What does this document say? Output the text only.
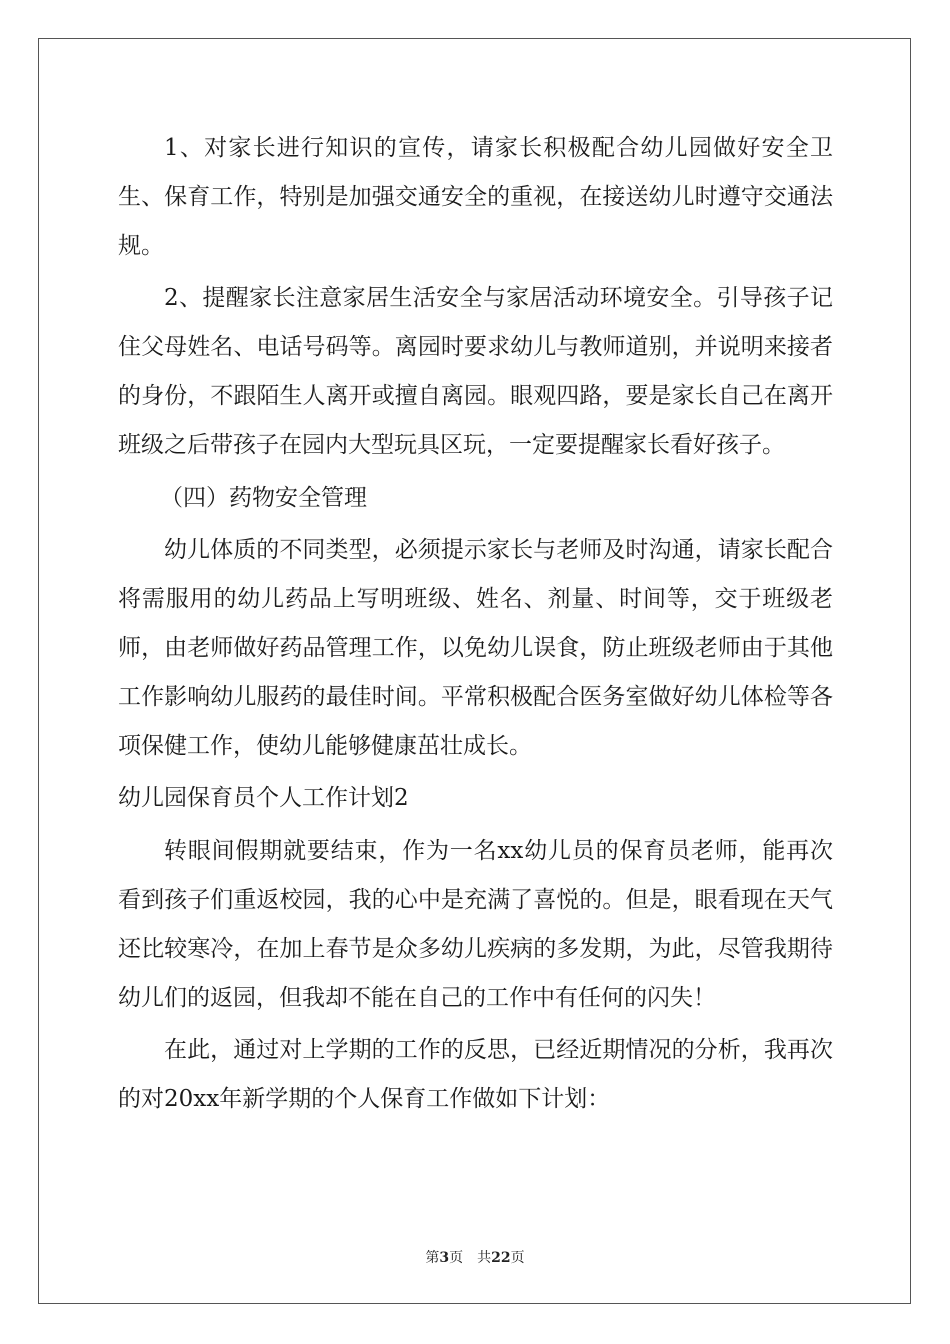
1、对家长进行知识的宣传，请家长积极配合幼儿园做好安全卫生、保育工作，特别是加强交通安全的重视，在接送幼儿时遵守交通法规。

2、提醒家长注意家居生活安全与家居活动环境安全。引导孩子记住父母姓名、电话号码等。离园时要求幼儿与教师道别，并说明来接者的身份，不跟陌生人离开或擅自离园。眼观四路，要是家长自己在离开班级之后带孩子在园内大型玩具区玩，一定要提醒家长看好孩子。

（四）药物安全管理

幼儿体质的不同类型，必须提示家长与老师及时沟通，请家长配合将需服用的幼儿药品上写明班级、姓名、剂量、时间等，交于班级老师，由老师做好药品管理工作，以免幼儿误食，防止班级老师由于其他工作影响幼儿服药的最佳时间。平常积极配合医务室做好幼儿体检等各项保健工作，使幼儿能够健康茁壮成长。

幼儿园保育员个人工作计划2

转眼间假期就要结束，作为一名xx幼儿员的保育员老师，能再次看到孩子们重返校园，我的心中是充满了喜悦的。但是，眼看现在天气还比较寒冷，在加上春节是众多幼儿疾病的多发期，为此，尽管我期待幼儿们的返园，但我却不能在自己的工作中有任何的闪失！

在此，通过对上学期的工作的反思，已经近期情况的分析，我再次的对20xx年新学期的个人保育工作做如下计划：

第3页 共22页
